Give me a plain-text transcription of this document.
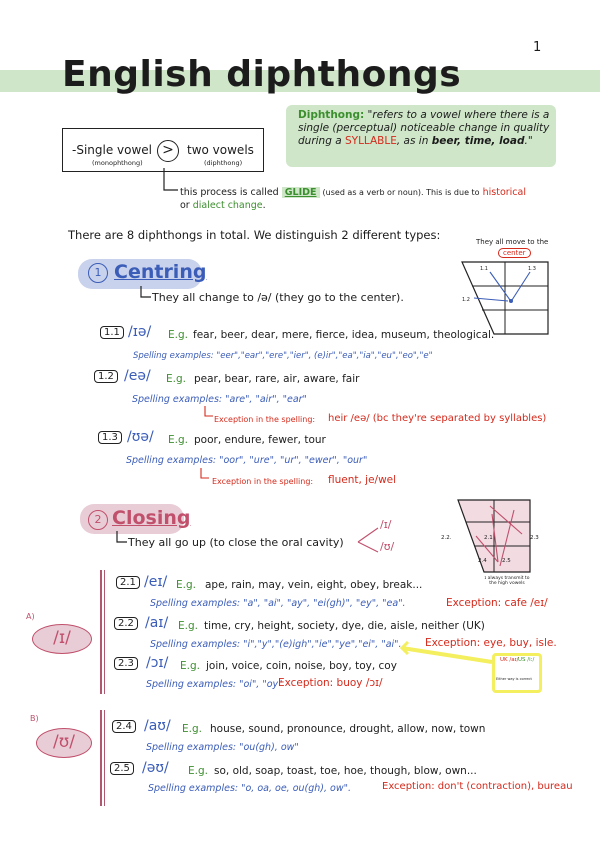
1
English diphthongs
Diphthong: "refers to a vowel where there is a single (perceptual) noticeable change in quality during a SYLLABLE, as in beer, time, load."
-Single vowel
(monophthong)
>	two vowels
(diphthong)
this process is called GLIDE (used as a verb or noun). This is due to historical
or dialect change.
There are 8 diphthongs in total. We distinguish 2 different types:	They all move to the
center
1.1	1.3
1.2
1 Centring
They all change to /ə/ (they go to the center).
1.1 /ɪə/ E.g. fear, beer, dear, mere, fierce, idea, museum, theological.
Spelling examples: "eer","ear","ere","ier", (e)ir","ea","ia","eu","eo","e"
1.2 /eə/ E.g. pear, bear, rare, air, aware, fair
Spelling examples: "are", "air", "ear"
Exception in the spelling: heir /eə/ (bc they're separated by syllables)
1.3 /ʊə/ E.g. poor, endure, fewer, tour
Spelling examples: "oor", "ure", "ur", "ewer", "our"
Exception in the spelling: fluent, je/wel
2 Closing
They all go up (to close the oral cavity)
/ɪ/
/ʊ/
2.2.	2.1	2.3
2.4	2.5
ɪ always transmit to the high vowels
A)
/ɪ/
2.1 /eɪ/ E.g. ape, rain, may, vein, eight, obey, break...
Spelling examples: "a", "ai", "ay", "ei(gh)", "ey", "ea".	Exception: cafe /eɪ/
2.2 /aɪ/ E.g. time, cry, height, society, dye, die, aisle, neither (UK)
Spelling examples: "i","y","(e)igh","ie","ye","ei", "ai". Exception: eye, buy, isle.
UK /aɪ/ US /iː/
Either way is correct
2.3 /ɔɪ/ E.g. join, voice, coin, noise, boy, toy, coy
Spelling examples: "oi", "oy"
Exception: buoy /ɔɪ/
B)
/ʊ/
2.4 /aʊ/ E.g. house, sound, pronounce, drought, allow, now, town
Spelling examples: "ou(gh), ow"
2.5 /əʊ/ E.g. so, old, soap, toast, toe, hoe, though, blow, own...
Spelling examples: "o, oa, oe, ou(gh), ow".	Exception: don't (contraction), bureau
